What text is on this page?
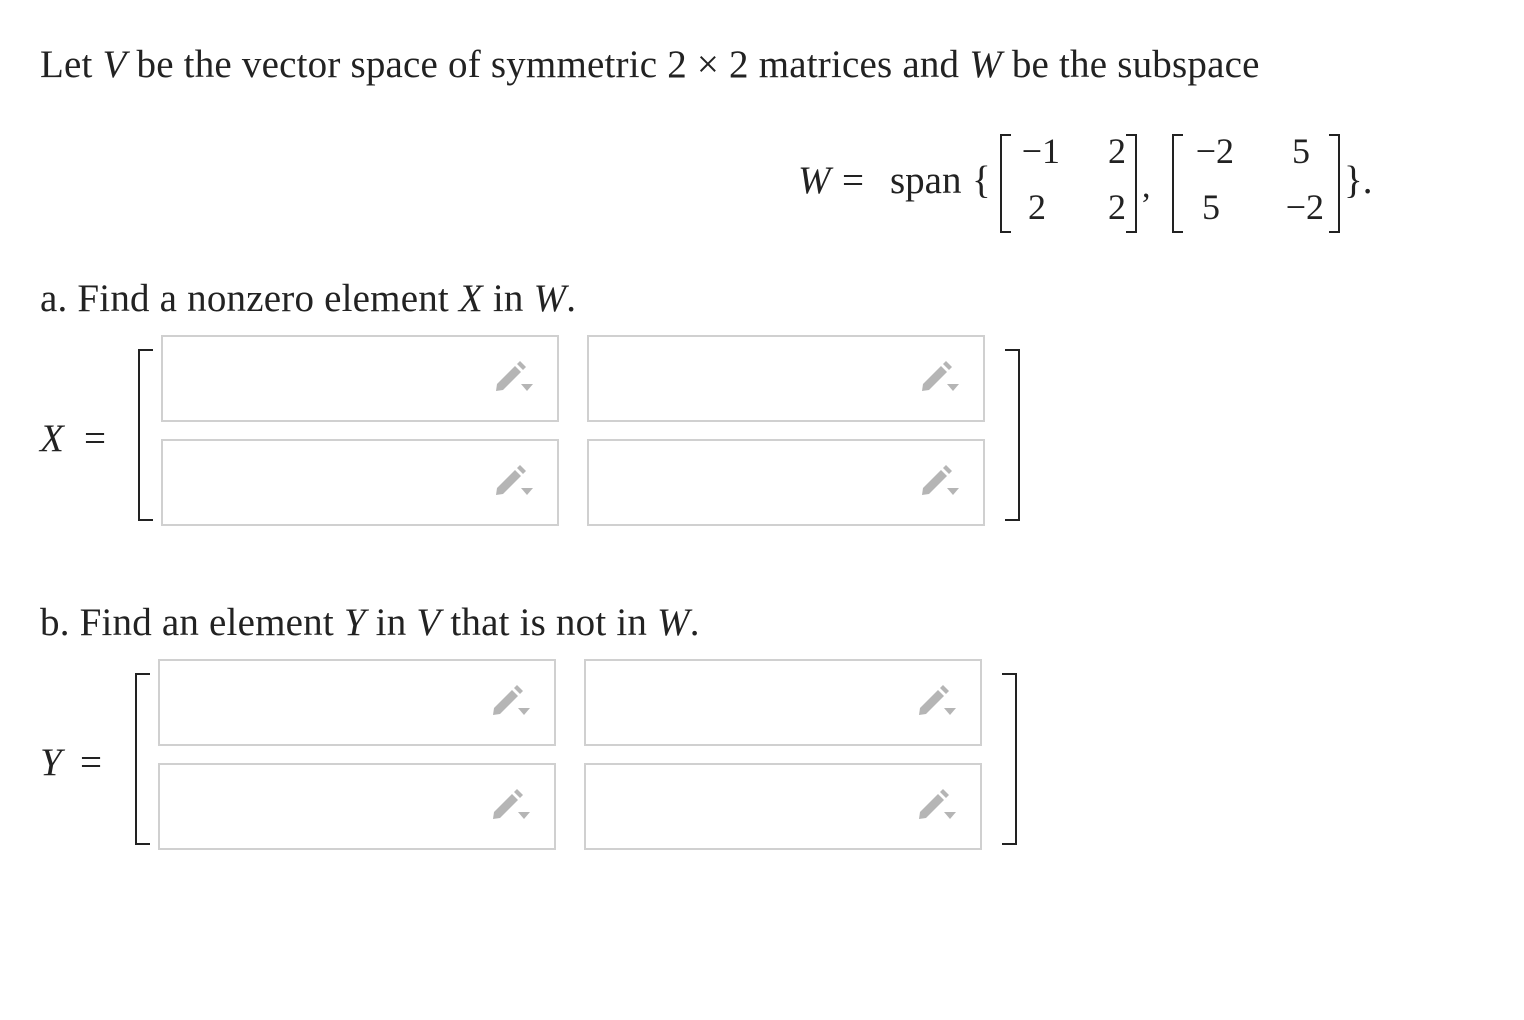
Let V be the vector space of symmetric 2 × 2 matrices and W be the subspace
W = span {
−1	2
2	2
,
−2	5
5	−2
}.
a. Find a nonzero element X in W.
X =
b. Find an element Y in V that is not in W.
Y =
